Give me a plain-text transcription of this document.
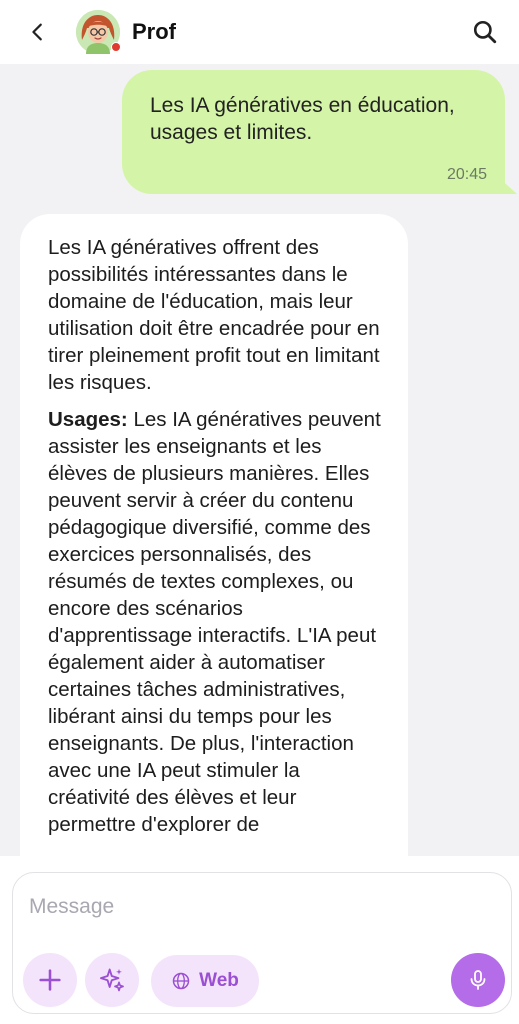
Prof
Les IA génératives en éducation, usages et limites.
20:45

Les IA génératives offrent des possibilités intéressantes dans le domaine de l'éducation, mais leur utilisation doit être encadrée pour en tirer pleinement profit tout en limitant les risques.

Usages: Les IA génératives peuvent assister les enseignants et les élèves de plusieurs manières. Elles peuvent servir à créer du contenu pédagogique diversifié, comme des exercices personnalisés, des résumés de textes complexes, ou encore des scénarios d'apprentissage interactifs. L'IA peut également aider à automatiser certaines tâches administratives, libérant ainsi du temps pour les enseignants. De plus, l'interaction avec une IA peut stimuler la créativité des élèves et leur permettre d'explorer de

Message
Web
